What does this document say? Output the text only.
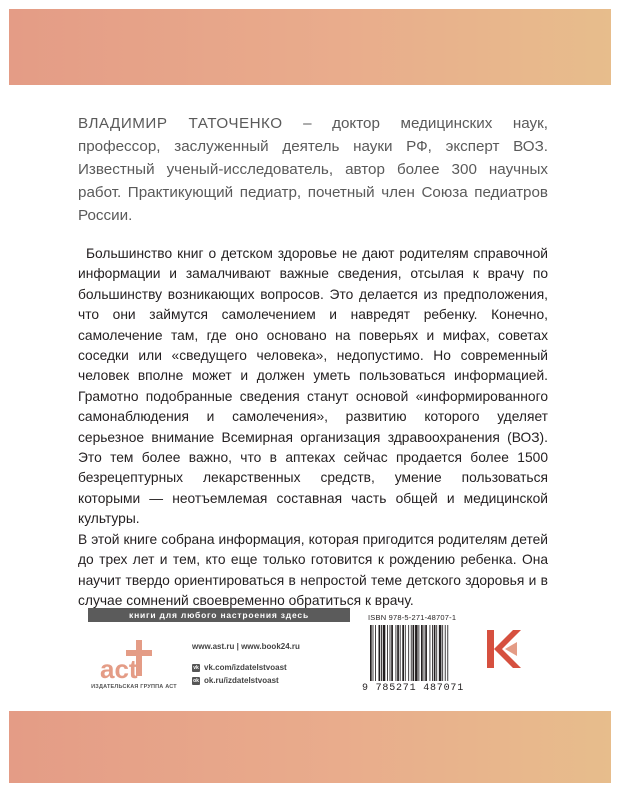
ВЛАДИМИР ТАТОЧЕНКО – доктор медицинских наук, профессор, заслуженный деятель науки РФ, эксперт ВОЗ. Известный ученый-исследователь, автор более 300 научных работ. Практикующий педиатр, почетный член Союза педиатров России.

Большинство книг о детском здоровье не дают родителям справочной информации и замалчивают важные сведения, отсылая к врачу по большинству возникающих вопросов. Это делается из предположения, что они займутся самолечением и навредят ребенку. Конечно, самолечение там, где оно основано на поверьях и мифах, советах соседки или «сведущего человека», недопустимо. Но современный человек вполне может и должен уметь пользоваться информацией. Грамотно подобранные сведения станут основой «информированного самонаблюдения и самолечения», развитию которого уделяет серьезное внимание Всемирная организация здравоохранения (ВОЗ). Это тем более важно, что в аптеках сейчас продается более 1500 безрецептурных лекарственных средств, умение пользоваться которыми — неотъемлемая составная часть общей и медицинской культуры.

В этой книге собрана информация, которая пригодится родителям детей до трех лет и тем, кто еще только готовится к рождению ребенка. Она научит твердо ориентироваться в непростой теме детского здоровья и в случае сомнений своевременно обратиться к врачу.

книги для любого настроения здесь
act
ИЗДАТЕЛЬСКАЯ ГРУППА АСТ
www.ast.ru | www.book24.ru
vk vk.com/izdatelstvoast
ok ok.ru/izdatelstvoast
ISBN 978-5-271-48707-1
9 785271 487071
